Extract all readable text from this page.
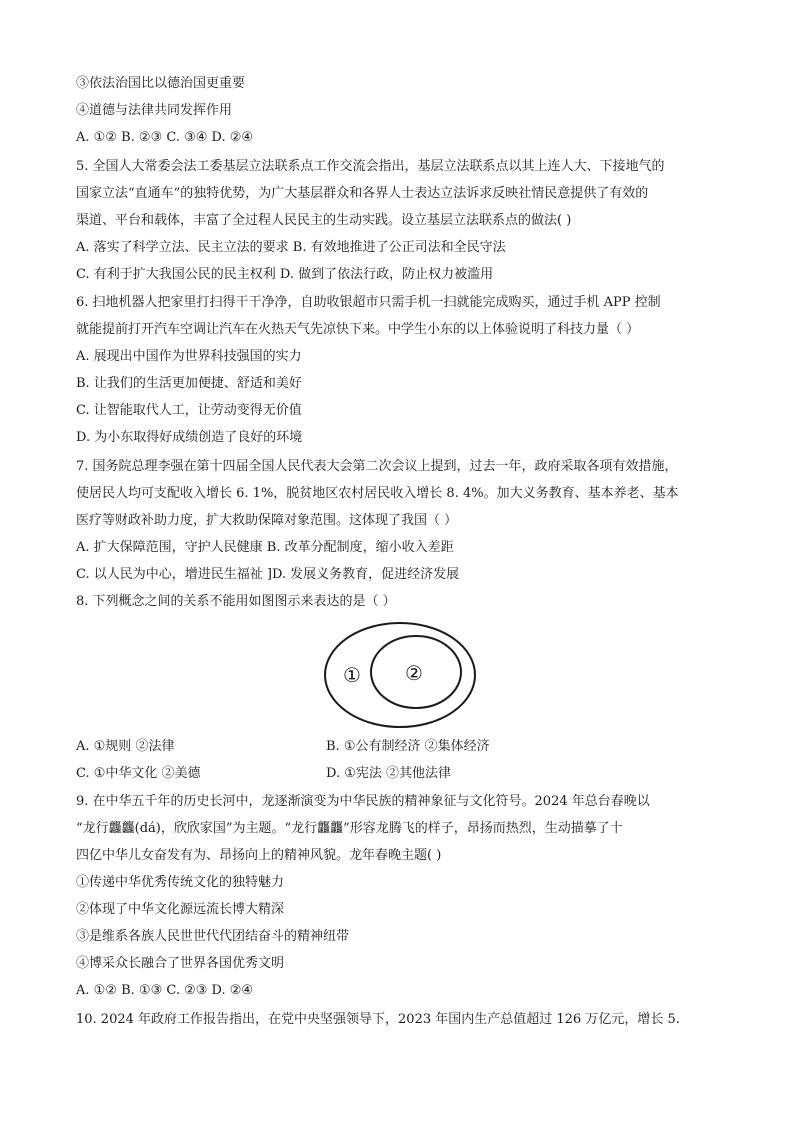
③依法治国比以德治国更重要
④道德与法律共同发挥作用
A. ①② B. ②③ C. ③④ D. ②④
5. 全国人大常委会法工委基层立法联系点工作交流会指出，基层立法联系点以其上连人大、下接地气的
国家立法“直通车”的独特优势，为广大基层群众和各界人士表达立法诉求反映社情民意提供了有效的
渠道、平台和载体，丰富了全过程人民民主的生动实践。设立基层立法联系点的做法( )
A. 落实了科学立法、民主立法的要求 B. 有效地推进了公正司法和全民守法
C. 有利于扩大我国公民的民主权利 D. 做到了依法行政，防止权力被滥用
6. 扫地机器人把家里打扫得干干净净，自助收银超市只需手机一扫就能完成购买，通过手机 APP 控制
就能提前打开汽车空调让汽车在火热天气先凉快下来。中学生小东的以上体验说明了科技力量（ ）
A. 展现出中国作为世界科技强国的实力
B. 让我们的生活更加便捷、舒适和美好
C. 让智能取代人工，让劳动变得无价值
D. 为小东取得好成绩创造了良好的环境
7. 国务院总理李强在第十四届全国人民代表大会第二次会议上提到，过去一年，政府采取各项有效措施，
使居民人均可支配收入增长 6. 1%，脱贫地区农村居民收入增长 8. 4%。加大义务教育、基本养老、基本
医疗等财政补助力度，扩大救助保障对象范围。这体现了我国（ ）
A. 扩大保障范围，守护人民健康 B. 改革分配制度，缩小收入差距
C. 以人民为中心，增进民生福祉 ]D. 发展义务教育，促进经济发展
8. 下列概念之间的关系不能用如图图示来表达的是（ ）
① ②
A. ①规则 ②法律	B. ①公有制经济 ②集体经济
C. ①中华文化 ②美德	D. ①宪法 ②其他法律
9. 在中华五千年的历史长河中，龙逐渐演变为中华民族的精神象征与文化符号。2024 年总台春晚以
“龙行龘龘(dá)，欣欣家国”为主题。“龙行龘龘”形容龙腾飞的样子，昂扬而热烈，生动描摹了十
四亿中华儿女奋发有为、昂扬向上的精神风貌。龙年春晚主题( )
①传递中华优秀传统文化的独特魅力
②体现了中华文化源远流长博大精深
③是维系各族人民世世代代团结奋斗的精神纽带
④博采众长融合了世界各国优秀文明
A. ①② B. ①③ C. ②③ D. ②④
10. 2024 年政府工作报告指出，在党中央坚强领导下，2023 年国内生产总值超过 126 万亿元，增长 5.
